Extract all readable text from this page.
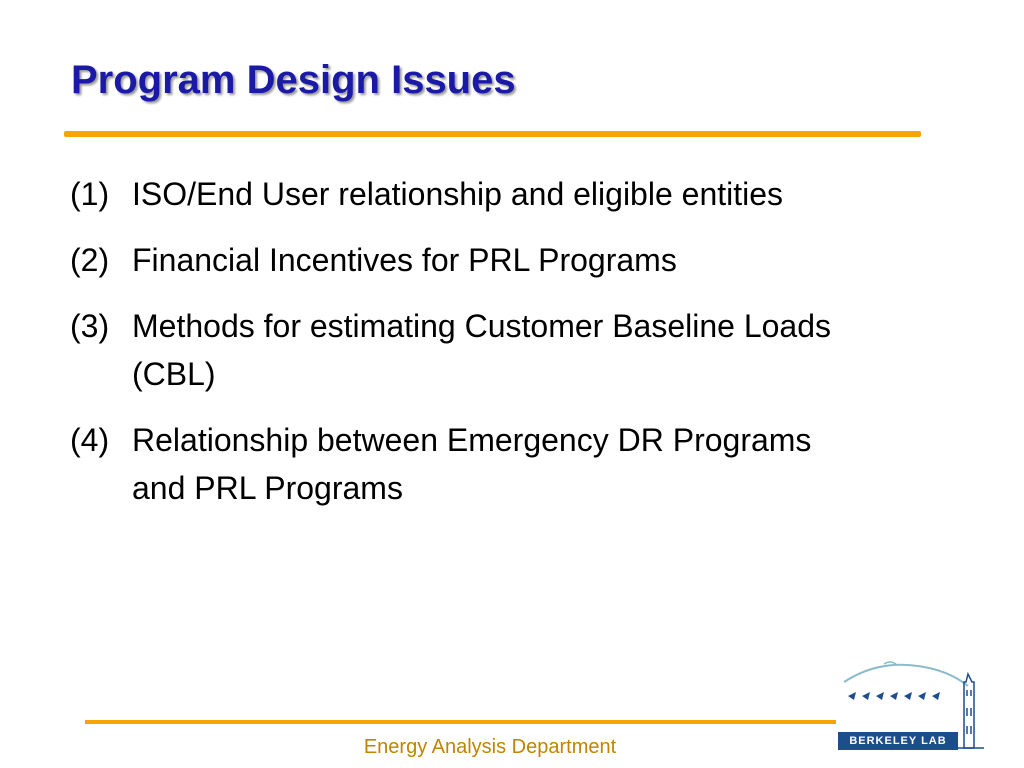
Program Design Issues
(1) ISO/End User relationship and eligible entities
(2) Financial Incentives for PRL Programs
(3) Methods for estimating Customer Baseline Loads (CBL)
(4) Relationship between Emergency DR Programs and PRL Programs
Energy Analysis Department	BERKELEY LAB
